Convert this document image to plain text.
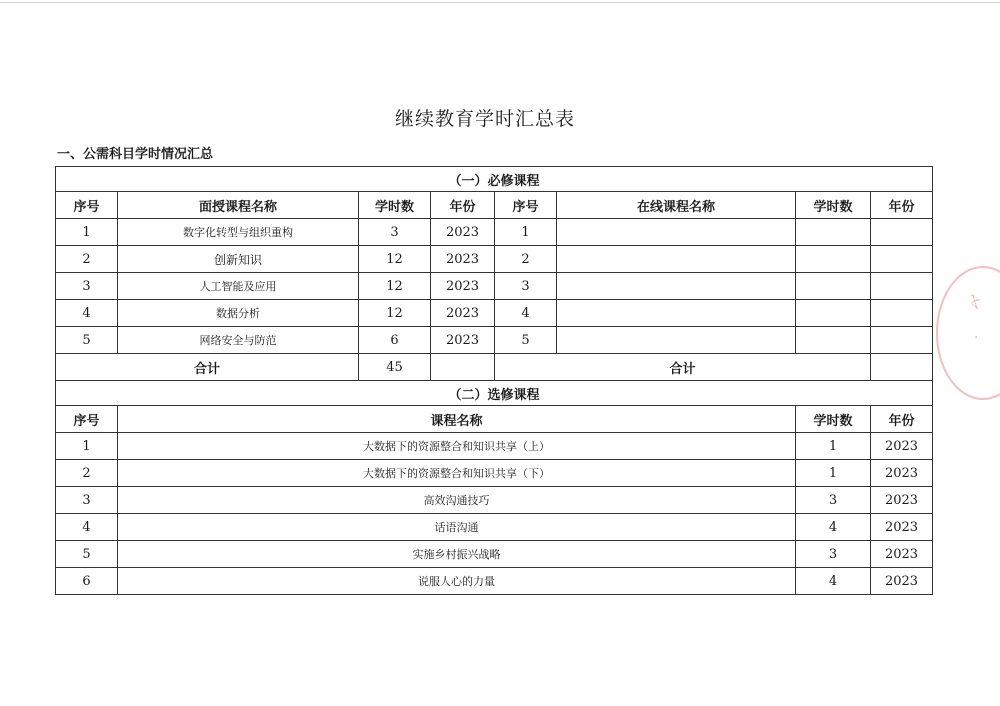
继续教育学时汇总表
一、公需科目学时情况汇总
（一）必修课程							
序号	面授课程名称	学时数	年份	序号	在线课程名称	学时数	年份
1	数字化转型与组织重构	3	2023	1			
2	创新知识	12	2023	2			
3	人工智能及应用	12	2023	3			
4	数据分析	12	2023	4			
5	网络安全与防范	6	2023	5			
合计		45		合计			
（二）选修课程							
序号	课程名称					学时数	年份
1	大数据下的资源整合和知识共享（上）					1	2023
2	大数据下的资源整合和知识共享（下）					1	2023
3	高效沟通技巧					3	2023
4	话语沟通					4	2023
5	实施乡村振兴战略					3	2023
6	说服人心的力量					4	2023
〆
·
